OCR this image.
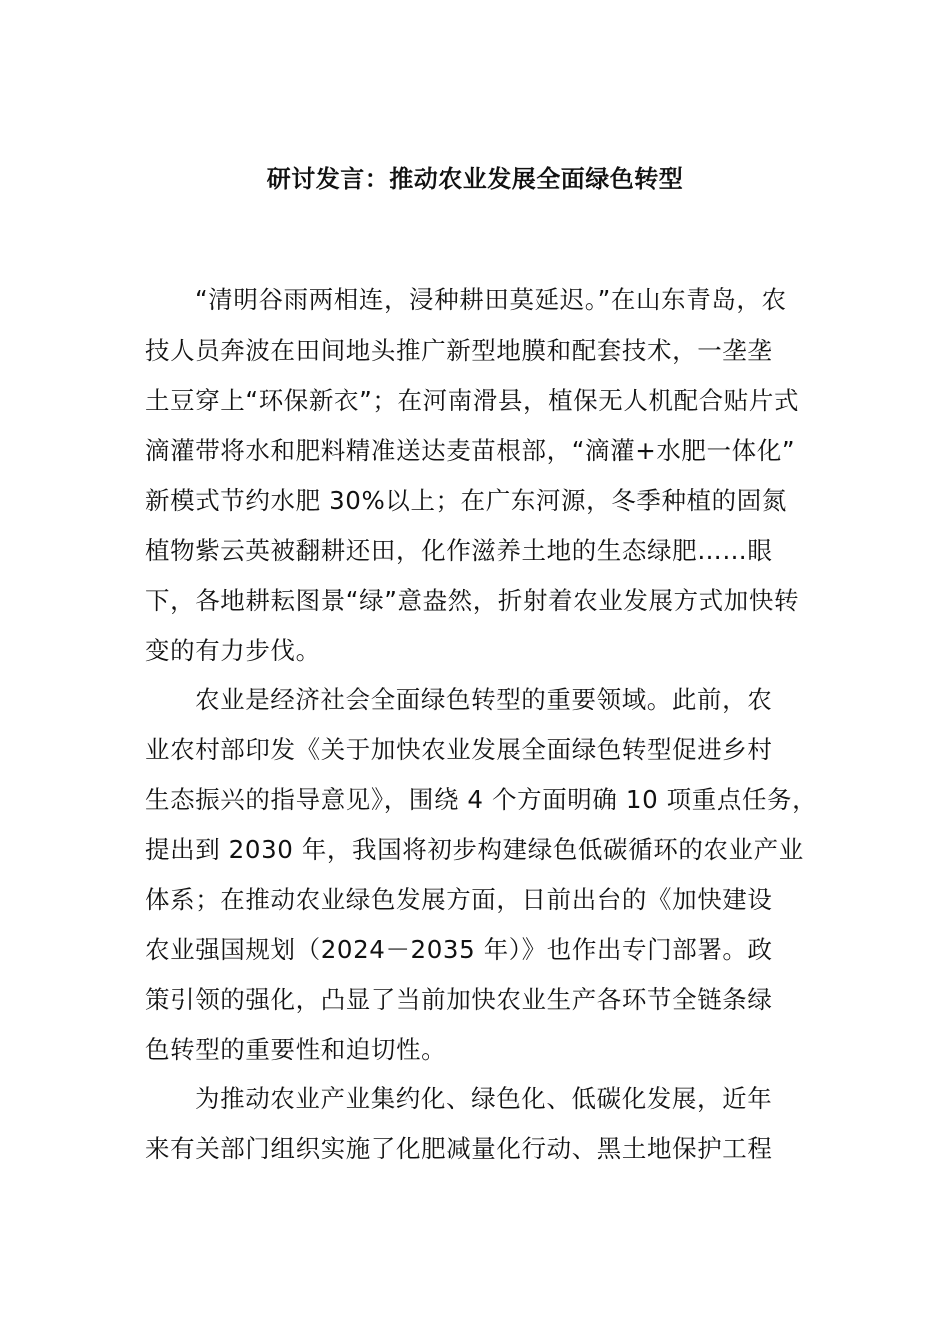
研讨发言：推动农业发展全面绿色转型
“清明谷雨两相连，浸种耕田莫延迟。”在山东青岛，农
技人员奔波在田间地头推广新型地膜和配套技术，一垄垄
土豆穿上“环保新衣”；在河南滑县，植保无人机配合贴片式
滴灌带将水和肥料精准送达麦苗根部，“滴灌+水肥一体化”
新模式节约水肥 30%以上；在广东河源，冬季种植的固氮
植物紫云英被翻耕还田，化作滋养土地的生态绿肥……眼
下，各地耕耘图景“绿”意盎然，折射着农业发展方式加快转
变的有力步伐。
农业是经济社会全面绿色转型的重要领域。此前，农
业农村部印发《关于加快农业发展全面绿色转型促进乡村
生态振兴的指导意见》，围绕 4 个方面明确 10 项重点任务，
提出到 2030 年，我国将初步构建绿色低碳循环的农业产业
体系；在推动农业绿色发展方面，日前出台的《加快建设
农业强国规划（2024－2035 年）》也作出专门部署。政
策引领的强化，凸显了当前加快农业生产各环节全链条绿
色转型的重要性和迫切性。
为推动农业产业集约化、绿色化、低碳化发展，近年
来有关部门组织实施了化肥减量化行动、黑土地保护工程
